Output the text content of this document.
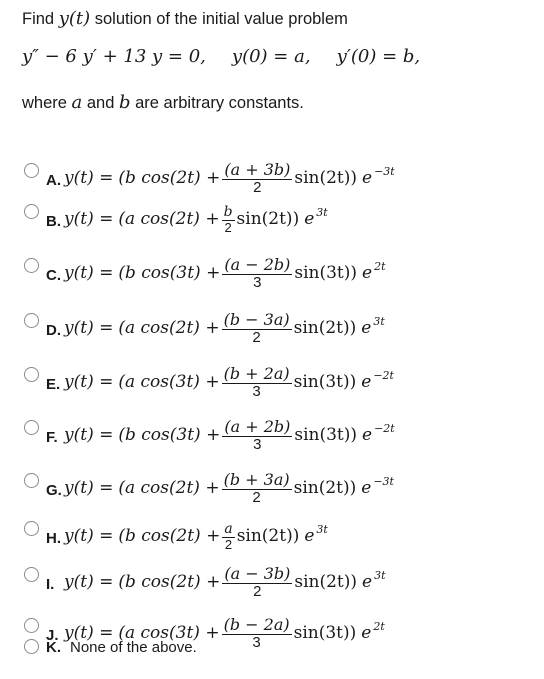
Find y(t) solution of the initial value problem
y″ − 6 y′ + 13 y = 0, y(0) = a, y′(0) = b,
where a and b are arbitrary constants.
A. y(t) = (b $\cos(2t) + \frac{(a + 3b)}{2} \sin(2t)$) e −3t
B. y(t) = (a $\cos(2t) + \frac{b}{2} \sin(2t)$) e 3t
C. y(t) = (b $\cos(3t) + \frac{(a - 2b)}{3} \sin(3t)$) e 2t
D. y(t) = (a $\cos(2t) + \frac{(b - 3a)}{2} \sin(2t)$) e 3t
E. y(t) = (a $\cos(3t) + \frac{(b + 2a)}{3} \sin(3t)$) e −2t
F. y(t) = (b $\cos(3t) + \frac{(a + 2b)}{3} \sin(3t)$) e −2t
G. y(t) = (a $\cos(2t) + \frac{(b + 3a)}{2} \sin(2t)$) e −3t
H. y(t) = (b $\cos(2t) + \frac{a}{2} \sin(2t)$) e 3t
I. y(t) = (b $\cos(2t) + \frac{(a - 3b)}{2} \sin(2t)$) e 3t
J. y(t) = (a $\cos(3t) + \frac{(b - 2a)}{3} \sin(3t)$) e 2t
K. None of the above.
